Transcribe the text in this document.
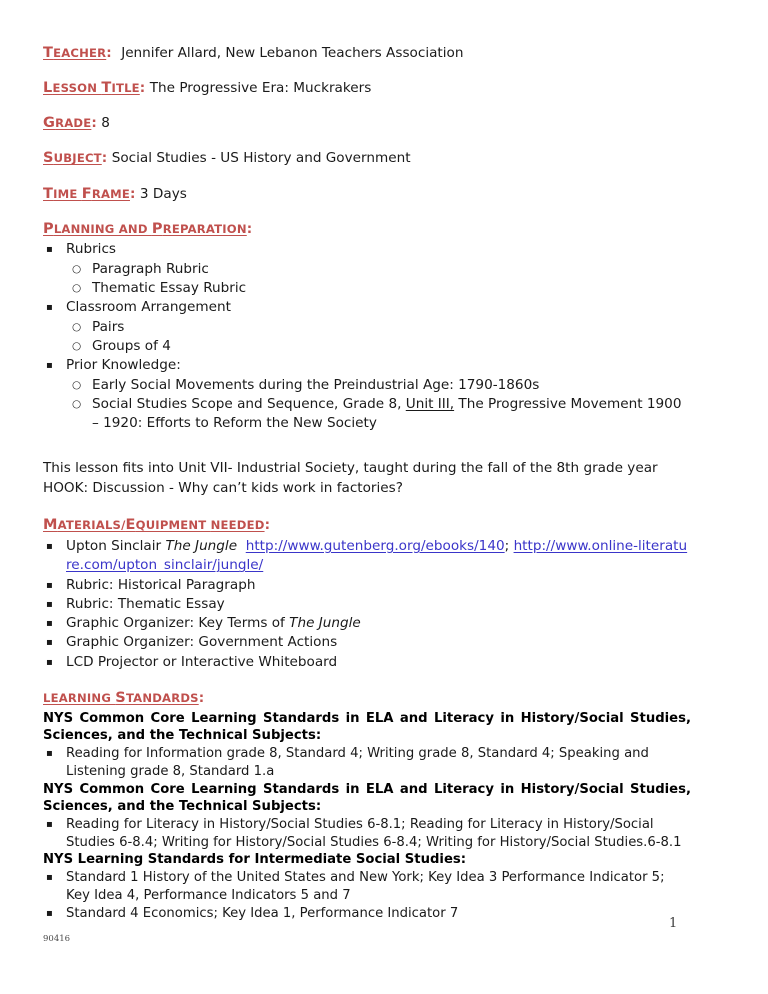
TEACHER: Jennifer Allard, New Lebanon Teachers Association
LESSON TITLE: The Progressive Era: Muckrakers
GRADE: 8
SUBJECT: Social Studies - US History and Government
TIME FRAME: 3 Days
PLANNING AND PREPARATION:
▪ Rubrics
○ Paragraph Rubric
○ Thematic Essay Rubric
▪ Classroom Arrangement
○ Pairs
○ Groups of 4
▪ Prior Knowledge:
○ Early Social Movements during the Preindustrial Age: 1790-1860s
○ Social Studies Scope and Sequence, Grade 8, Unit III, The Progressive Movement 1900 – 1920: Efforts to Reform the New Society
This lesson fits into Unit VII- Industrial Society, taught during the fall of the 8th grade year
HOOK: Discussion - Why can’t kids work in factories?
MATERIALS/EQUIPMENT NEEDED:
▪ Upton Sinclair The Jungle http://www.gutenberg.org/ebooks/140; http://www.online-literature.com/upton_sinclair/jungle/
▪ Rubric: Historical Paragraph
▪ Rubric: Thematic Essay
▪ Graphic Organizer: Key Terms of The Jungle
▪ Graphic Organizer: Government Actions
▪ LCD Projector or Interactive Whiteboard
LEARNING STANDARDS:
NYS Common Core Learning Standards in ELA and Literacy in History/Social Studies, Sciences, and the Technical Subjects:
▪ Reading for Information grade 8, Standard 4; Writing grade 8, Standard 4; Speaking and Listening grade 8, Standard 1.a
NYS Common Core Learning Standards in ELA and Literacy in History/Social Studies, Sciences, and the Technical Subjects:
▪ Reading for Literacy in History/Social Studies 6-8.1; Reading for Literacy in History/Social Studies 6-8.4; Writing for History/Social Studies 6-8.4; Writing for History/Social Studies.6-8.1
NYS Learning Standards for Intermediate Social Studies:
▪ Standard 1 History of the United States and New York; Key Idea 3 Performance Indicator 5; Key Idea 4, Performance Indicators 5 and 7
▪ Standard 4 Economics; Key Idea 1, Performance Indicator 7
90416
1
